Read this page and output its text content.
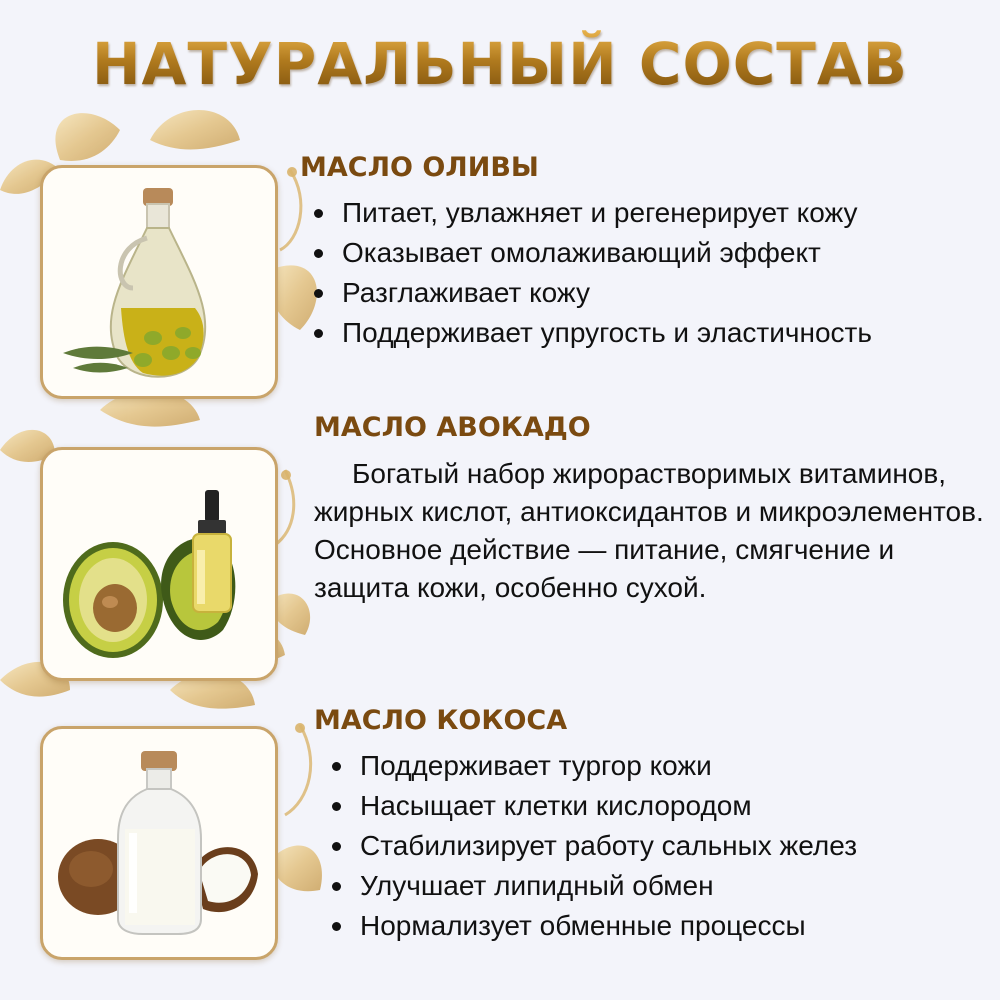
НАТУРАЛЬНЫЙ СОСТАВ
МАСЛО ОЛИВЫ
Питает, увлажняет и регенерирует кожу
Оказывает омолаживающий эффект
Разглаживает кожу
Поддерживает упругость и эластичность
МАСЛО АВОКАДО

Богатый набор жирорастворимых витаминов, жирных кислот, антиоксидантов и микроэлементов. Основное действие — питание, смягчение и защита кожи, особенно сухой.

МАСЛО КОКОСА
Поддерживает тургор кожи
Насыщает клетки кислородом
Стабилизирует работу сальных желез
Улучшает липидный обмен
Нормализует обменные процессы
